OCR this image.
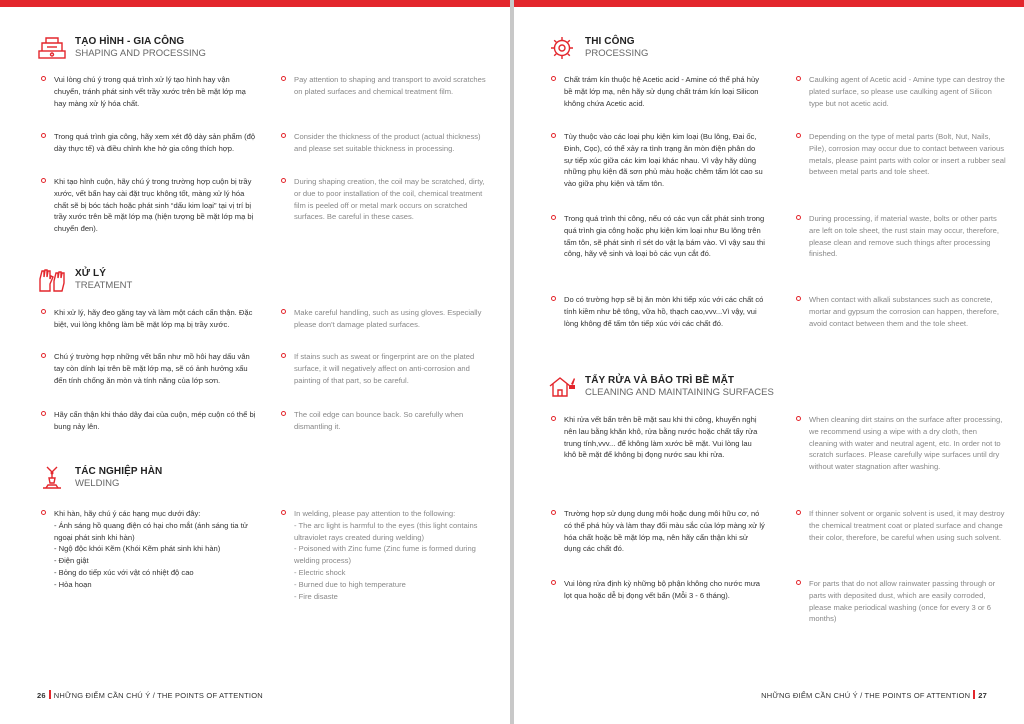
TẠO HÌNH - GIA CÔNG
SHAPING AND PROCESSING
Vui lòng chú ý trong quá trình xử lý tạo hình hay vận chuyển, tránh phát sinh vết trầy xước trên bề mặt lớp mạ hay màng xử lý hóa chất.
Pay attention to shaping and transport to avoid scratches on plated surfaces and chemical treatment film.
Trong quá trình gia công, hãy xem xét độ dày sản phẩm (độ dày thực tế) và điều chỉnh khe hở gia công thích hợp.
Consider the thickness of the product (actual thickness) and please set suitable thickness in processing.
Khi tạo hình cuộn, hãy chú ý trong trường hợp cuộn bị trầy xước, vết bẩn hay cài đặt trục không tốt, màng xử lý hóa chất sẽ bị bóc tách hoặc phát sinh “dấu kim loại” tại vị trí bị trầy xước trên bề mặt lớp mạ (hiện tượng bề mặt lớp mạ bị chuyển đen).
During shaping creation, the coil may be scratched, dirty, or due to poor installation of the coil, chemical treatment film is peeled off or metal mark occurs on scratched surfaces. Be careful in these cases.
XỬ LÝ
TREATMENT
Khi xử lý, hãy đeo găng tay và làm một cách cẩn thận. Đặc biệt, vui lòng không làm bề mặt lớp mạ bị trầy xước.
Make careful handling, such as using gloves. Especially please don't damage plated surfaces.
Chú ý trường hợp những vết bẩn như mồ hôi hay dấu vân tay còn dính lại trên bề mặt lớp mạ, sẽ có ảnh hưởng xấu đến tính chống ăn mòn và tính năng của lớp sơn.
If stains such as sweat or fingerprint are on the plated surface, it will negatively affect on anti-corrosion and painting of that part, so be careful.
Hãy cẩn thận khi tháo dây đai của cuộn, mép cuộn có thể bị bung nảy lên.
The coil edge can bounce back. So carefully when dismantling it.
TÁC NGHIỆP HÀN
WELDING
Khi hàn, hãy chú ý các hạng mục dưới đây:
- Ánh sáng hồ quang điện có hại cho mắt (ánh sáng tia tử ngoại phát sinh khi hàn)
- Ngộ độc khói Kẽm (Khói Kẽm phát sinh khi hàn)
- Điện giật
- Bỏng do tiếp xúc với vật có nhiệt độ cao
- Hỏa hoạn
In welding, please pay attention to the following:
- The arc light is harmful to the eyes (this light contains ultraviolet rays created during welding)
- Poisoned with Zinc fume (Zinc fume is formed during welding process)
- Electric shock
- Burned due to high temperature
- Fire disaste
26 NHỮNG ĐIỂM CẦN CHÚ Ý / THE POINTS OF ATTENTION
THI CÔNG
PROCESSING
Chất trám kín thuộc hệ Acetic acid - Amine có thể phá hủy bề mặt lớp mạ, nên hãy sử dụng chất trám kín loại Silicon không chứa Acetic acid.
Caulking agent of Acetic acid - Amine type can destroy the plated surface, so please use caulking agent of Silicon type but not acetic acid.
Tùy thuộc vào các loại phụ kiện kim loại (Bu lông, Đai ốc, Đinh, Cọc), có thể xảy ra tình trạng ăn mòn điện phân do sự tiếp xúc giữa các kim loại khác nhau. Vì vậy hãy dùng những phụ kiện đã sơn phủ màu hoặc chêm tấm lót cao su vào giữa phụ kiện và tấm tôn.
Depending on the type of metal parts (Bolt, Nut, Nails, Pile), corrosion may occur due to contact between various metals, please paint parts with color or insert a rubber seal between metal parts and tole sheet.
Trong quá trình thi công, nếu có các vụn cắt phát sinh trong quá trình gia công hoặc phụ kiện kim loại như Bu lông trên tấm tôn, sẽ phát sinh rỉ sét do vật lạ bám vào. Vì vậy sau thi công, hãy vệ sinh và loại bỏ các vụn cắt đó.
During processing, if material waste, bolts or other parts are left on tole sheet, the rust stain may occur, therefore, please clean and remove such things after processing finished.
Do có trường hợp sẽ bị ăn mòn khi tiếp xúc với các chất có tính kiềm như bê tông, vữa hồ, thạch cao,vvv...Vì vậy, vui lòng không để tấm tôn tiếp xúc với các chất đó.
When contact with alkali substances such as concrete, mortar and gypsum the corrosion can happen, therefore, avoid contact between them and the tole sheet.
TẨY RỬA VÀ BẢO TRÌ BỀ MẶT
CLEANING AND MAINTAINING SURFACES
Khi rửa vết bẩn trên bề mặt sau khi thi công, khuyến nghị nên lau bằng khăn khô, rửa bằng nước hoặc chất tẩy rửa trung tính,vvv... để không làm xước bề mặt. Vui lòng lau khô bề mặt để không bị đọng nước sau khi rửa.
When cleaning dirt stains on the surface after processing, we recommend using a wipe with a dry cloth, then cleaning with water and neutral agent, etc. In order not to scratch surfaces. Please carefully wipe surfaces until dry without water stagnation after washing.
Trường hợp sử dụng dung môi hoặc dung môi hữu cơ, nó có thể phá hủy và làm thay đổi màu sắc của lớp màng xử lý hóa chất hoặc bề mặt lớp mạ, nên hãy cẩn thận khi sử dụng các chất đó.
If thinner solvent or organic solvent is used, it may destroy the chemical treatment coat or plated surface and change their color, therefore, be careful when using such solvent.
Vui lòng rửa định kỳ những bộ phận không cho nước mưa lọt qua hoặc dễ bị đọng vết bẩn (Mỗi 3 - 6 tháng).
For parts that do not allow rainwater passing through or parts with deposited dust, which are easily corroded, please make periodical washing (once for every 3 or 6 months)
NHỮNG ĐIỂM CẦN CHÚ Ý / THE POINTS OF ATTENTION 27
